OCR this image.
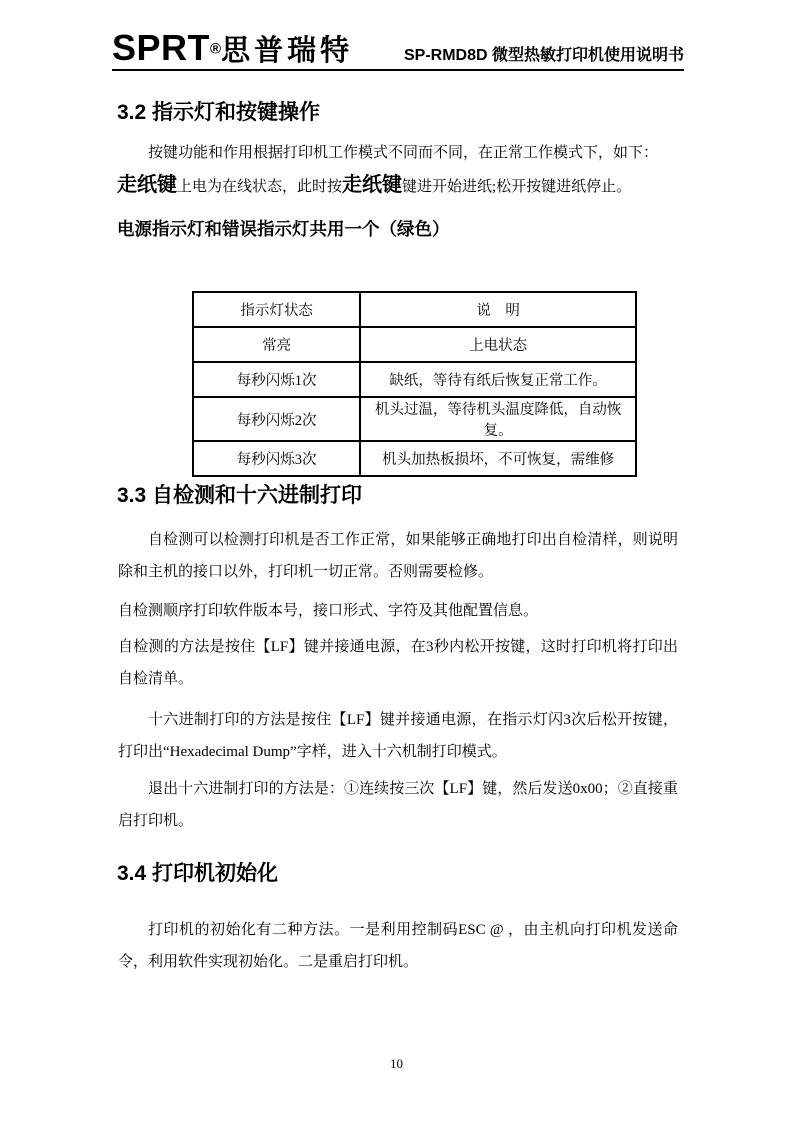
SPRT®思普瑞特	SP-RMD8D 微型热敏打印机使用说明书
3.2 指示灯和按键操作
按键功能和作用根据打印机工作模式不同而不同，在正常工作模式下，如下：
走纸键上电为在线状态，此时按走纸键键进开始进纸;松开按键进纸停止。
电源指示灯和错误指示灯共用一个（绿色）
指示灯状态	说　明
常亮	上电状态
每秒闪烁1次	缺纸，等待有纸后恢复正常工作。
每秒闪烁2次	机头过温，等待机头温度降低，自动恢复。
每秒闪烁3次	机头加热板损坏，不可恢复，需维修
3.3 自检测和十六进制打印
自检测可以检测打印机是否工作正常，如果能够正确地打印出自检清样，则说明除和主机的接口以外，打印机一切正常。否则需要检修。
自检测顺序打印软件版本号，接口形式、字符及其他配置信息。
自检测的方法是按住【LF】键并接通电源，在3秒内松开按键，这时打印机将打印出自检清单。
十六进制打印的方法是按住【LF】键并接通电源，在指示灯闪3次后松开按键，打印出“Hexadecimal Dump”字样，进入十六机制打印模式。
退出十六进制打印的方法是：①连续按三次【LF】键，然后发送0x00；②直接重启打印机。
3.4 打印机初始化
打印机的初始化有二种方法。一是利用控制码ESC @ ，由主机向打印机发送命令，利用软件实现初始化。二是重启打印机。
10
